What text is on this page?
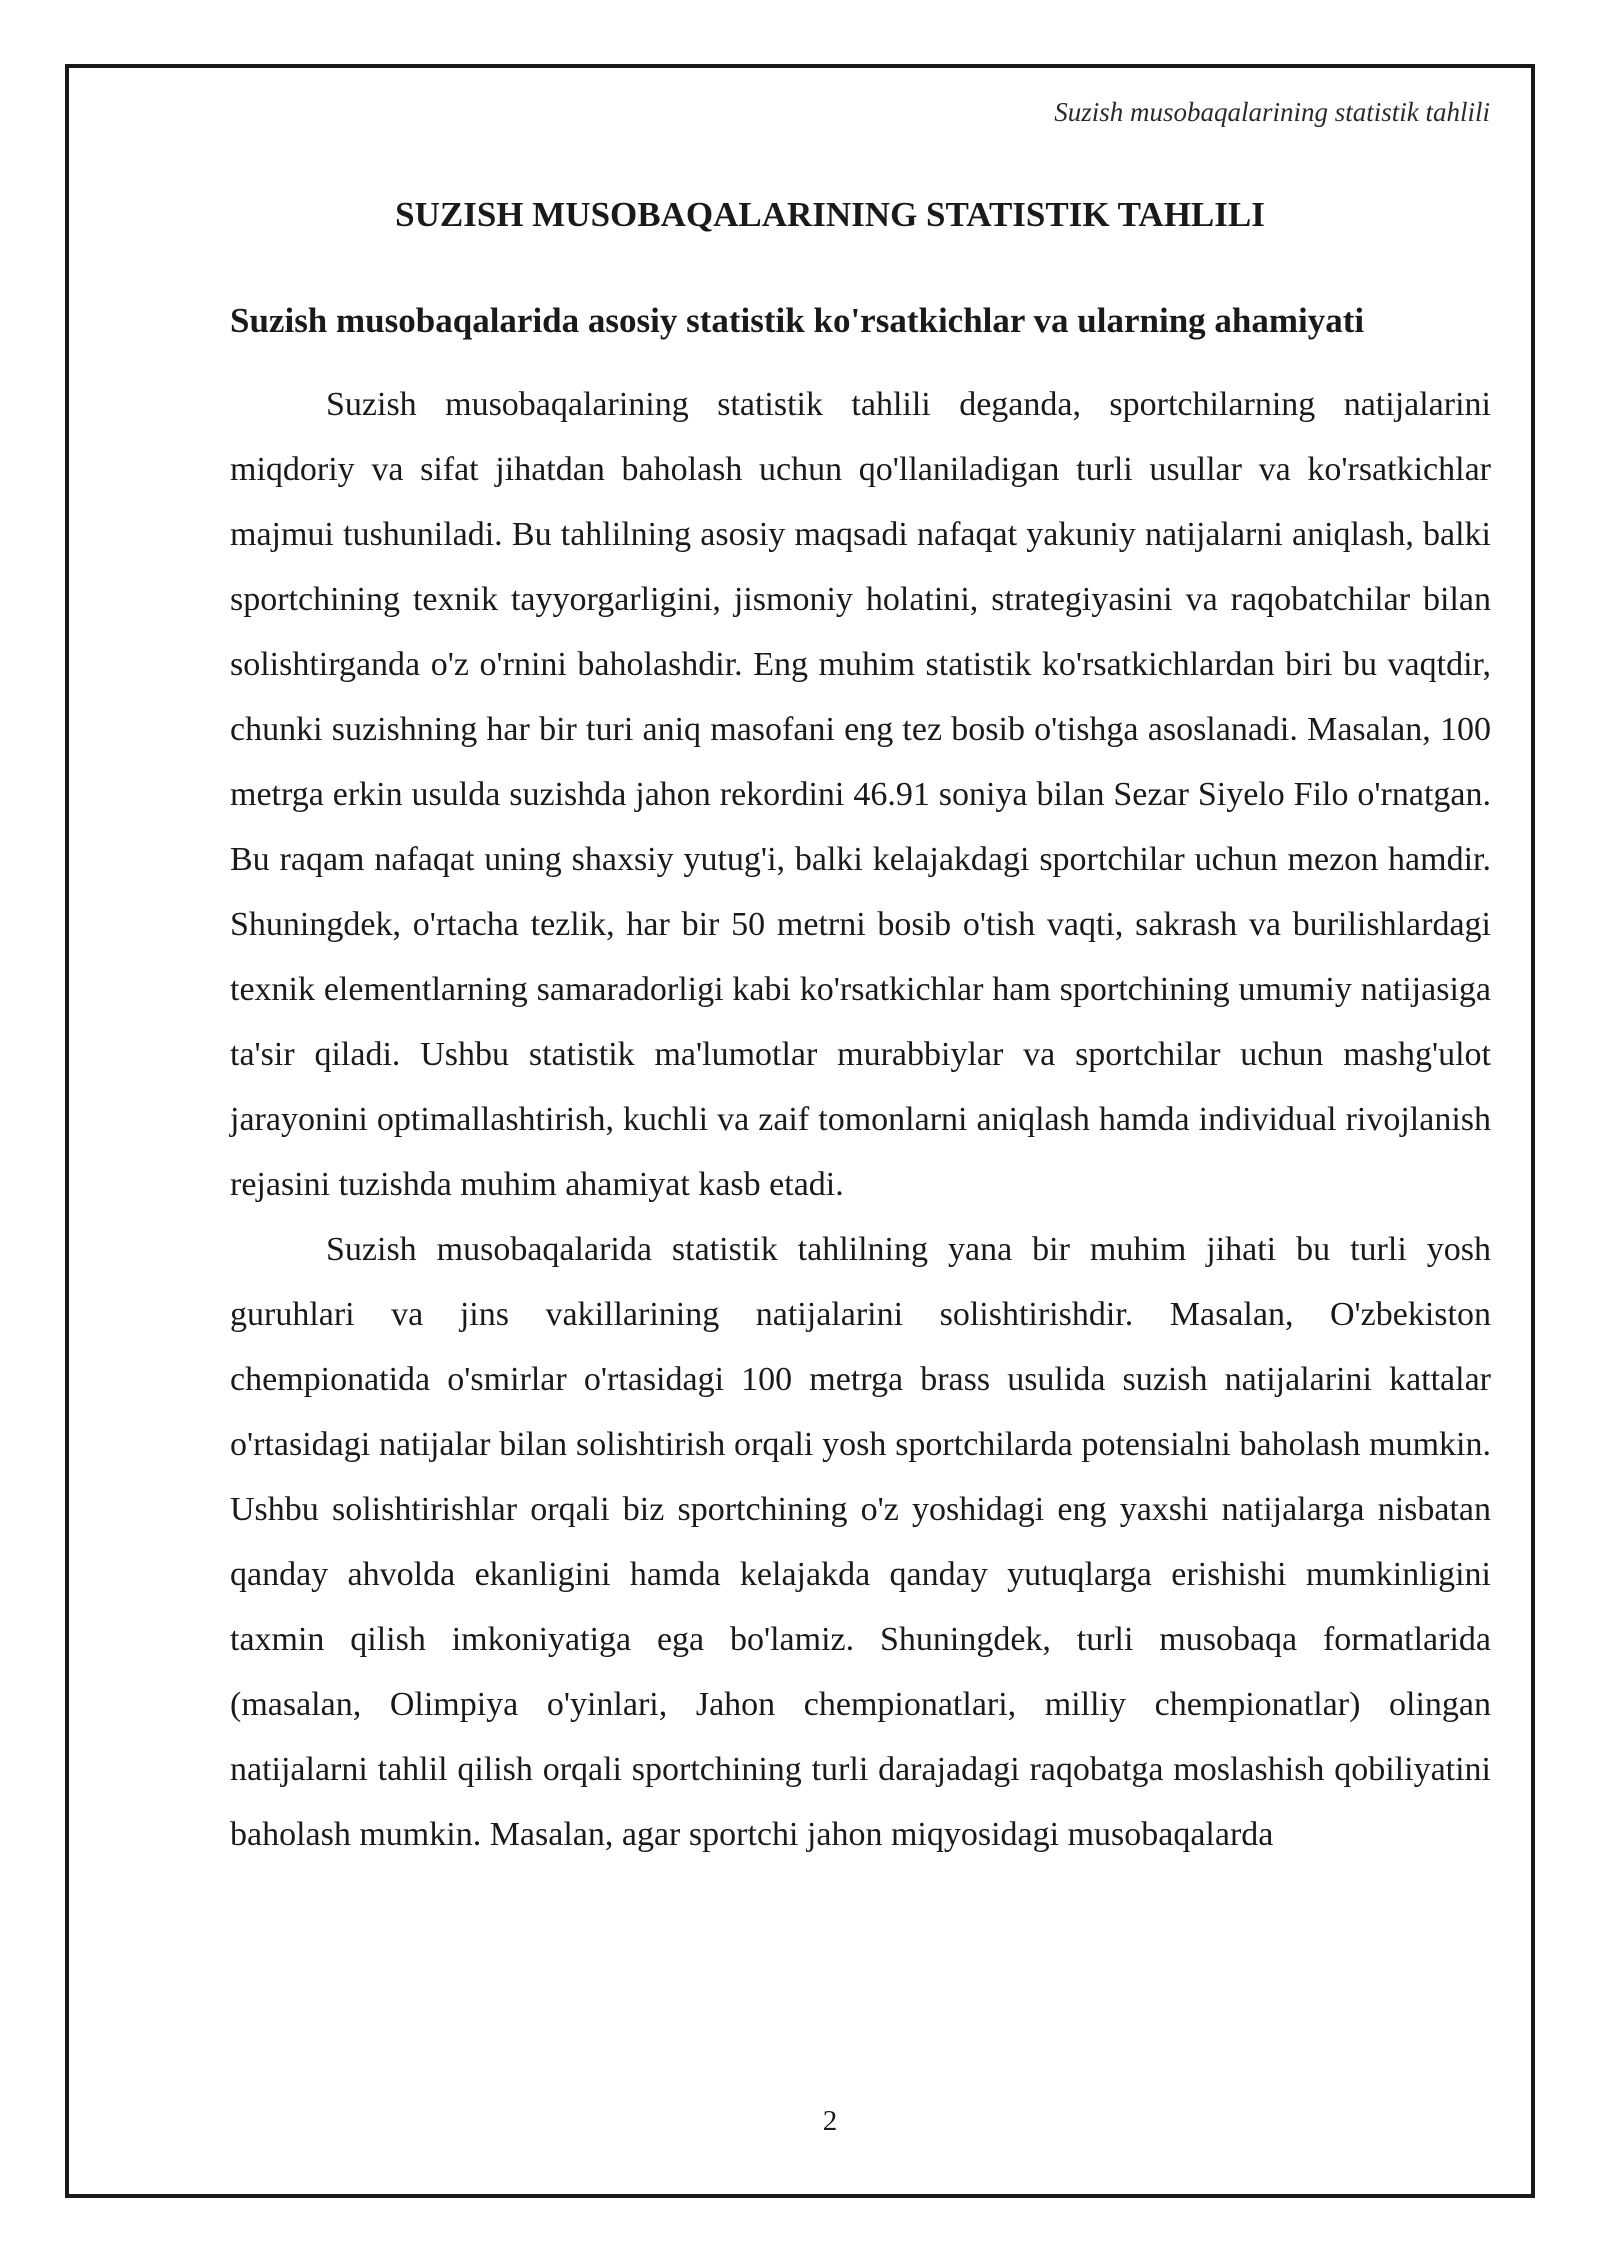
Suzish musobaqalarining statistik tahlili
SUZISH MUSOBAQALARINING STATISTIK TAHLILI
Suzish musobaqalarida asosiy statistik ko'rsatkichlar va ularning ahamiyati

Suzish musobaqalarining statistik tahlili deganda, sportchilarning natijalarini miqdoriy va sifat jihatdan baholash uchun qo'llaniladigan turli usullar va ko'rsatkichlar majmui tushuniladi. Bu tahlilning asosiy maqsadi nafaqat yakuniy natijalarni aniqlash, balki sportchining texnik tayyorgarligini, jismoniy holatini, strategiyasini va raqobatchilar bilan solishtirganda o'z o'rnini baholashdir. Eng muhim statistik ko'rsatkichlardan biri bu vaqtdir, chunki suzishning har bir turi aniq masofani eng tez bosib o'tishga asoslanadi. Masalan, 100 metrga erkin usulda suzishda jahon rekordini 46.91 soniya bilan Sezar Siyelo Filo o'rnatgan. Bu raqam nafaqat uning shaxsiy yutug'i, balki kelajakdagi sportchilar uchun mezon hamdir. Shuningdek, o'rtacha tezlik, har bir 50 metrni bosib o'tish vaqti, sakrash va burilishlardagi texnik elementlarning samaradorligi kabi ko'rsatkichlar ham sportchining umumiy natijasiga ta'sir qiladi. Ushbu statistik ma'lumotlar murabbiylar va sportchilar uchun mashg'ulot jarayonini optimallashtirish, kuchli va zaif tomonlarni aniqlash hamda individual rivojlanish rejasini tuzishda muhim ahamiyat kasb etadi.

Suzish musobaqalarida statistik tahlilning yana bir muhim jihati bu turli yosh guruhlari va jins vakillarining natijalarini solishtirishdir. Masalan, O'zbekiston chempionatida o'smirlar o'rtasidagi 100 metrga brass usulida suzish natijalarini kattalar o'rtasidagi natijalar bilan solishtirish orqali yosh sportchilarda potensialni baholash mumkin. Ushbu solishtirishlar orqali biz sportchining o'z yoshidagi eng yaxshi natijalarga nisbatan qanday ahvolda ekanligini hamda kelajakda qanday yutuqlarga erishishi mumkinligini taxmin qilish imkoniyatiga ega bo'lamiz. Shuningdek, turli musobaqa formatlarida (masalan, Olimpiya o'yinlari, Jahon chempionatlari, milliy chempionatlar) olingan natijalarni tahlil qilish orqali sportchining turli darajadagi raqobatga moslashish qobiliyatini baholash mumkin. Masalan, agar sportchi jahon miqyosidagi musobaqalarda

2
